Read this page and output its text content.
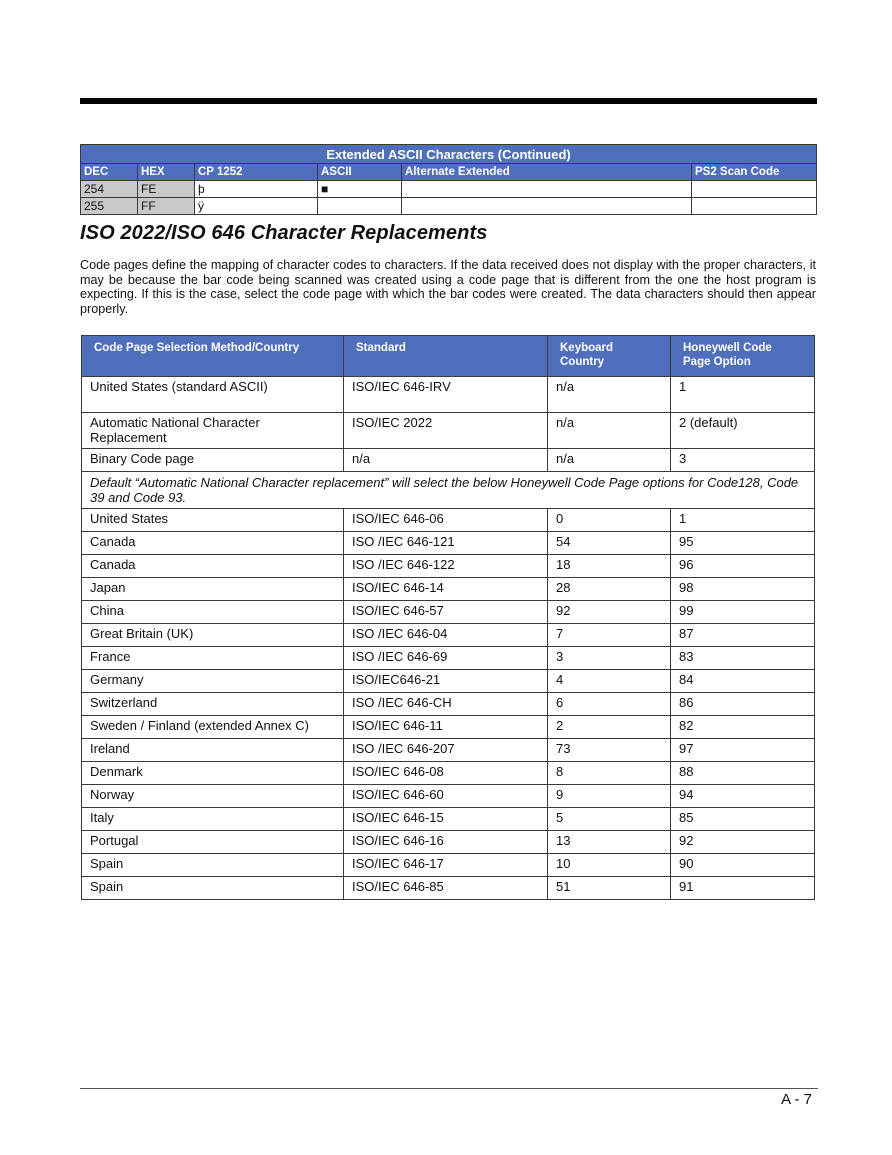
Extended ASCII Characters (Continued)					
DEC	HEX	CP 1252	ASCII	Alternate Extended	PS2 Scan Code
254	FE	þ	■		
255	FF	ÿ			
ISO 2022/ISO 646 Character Replacements

Code pages define the mapping of character codes to characters. If the data received does not display with the proper characters, it may be because the bar code being scanned was created using a code page that is different from the one the host program is expecting. If this is the case, select the code page with which the bar codes were created. The data characters should then appear properly.

Code Page Selection Method/Country	Standard	Keyboard Country	Honeywell Code Page Option
United States (standard ASCII)	ISO/IEC 646-IRV	n/a	1
Automatic National Character Replacement	ISO/IEC 2022	n/a	2 (default)
Binary Code page	n/a	n/a	3
Default “Automatic National Character replacement” will select the below Honeywell Code Page options for Code128, Code 39 and Code 93.			
United States	ISO/IEC 646-06	0	1
Canada	ISO /IEC 646-121	54	95
Canada	ISO /IEC 646-122	18	96
Japan	ISO/IEC 646-14	28	98
China	ISO/IEC 646-57	92	99
Great Britain (UK)	ISO /IEC 646-04	7	87
France	ISO /IEC 646-69	3	83
Germany	ISO/IEC646-21	4	84
Switzerland	ISO /IEC 646-CH	6	86
Sweden / Finland (extended Annex C)	ISO/IEC 646-11	2	82
Ireland	ISO /IEC 646-207	73	97
Denmark	ISO/IEC 646-08	8	88
Norway	ISO/IEC 646-60	9	94
Italy	ISO/IEC 646-15	5	85
Portugal	ISO/IEC 646-16	13	92
Spain	ISO/IEC 646-17	10	90
Spain	ISO/IEC 646-85	51	91
A - 7
